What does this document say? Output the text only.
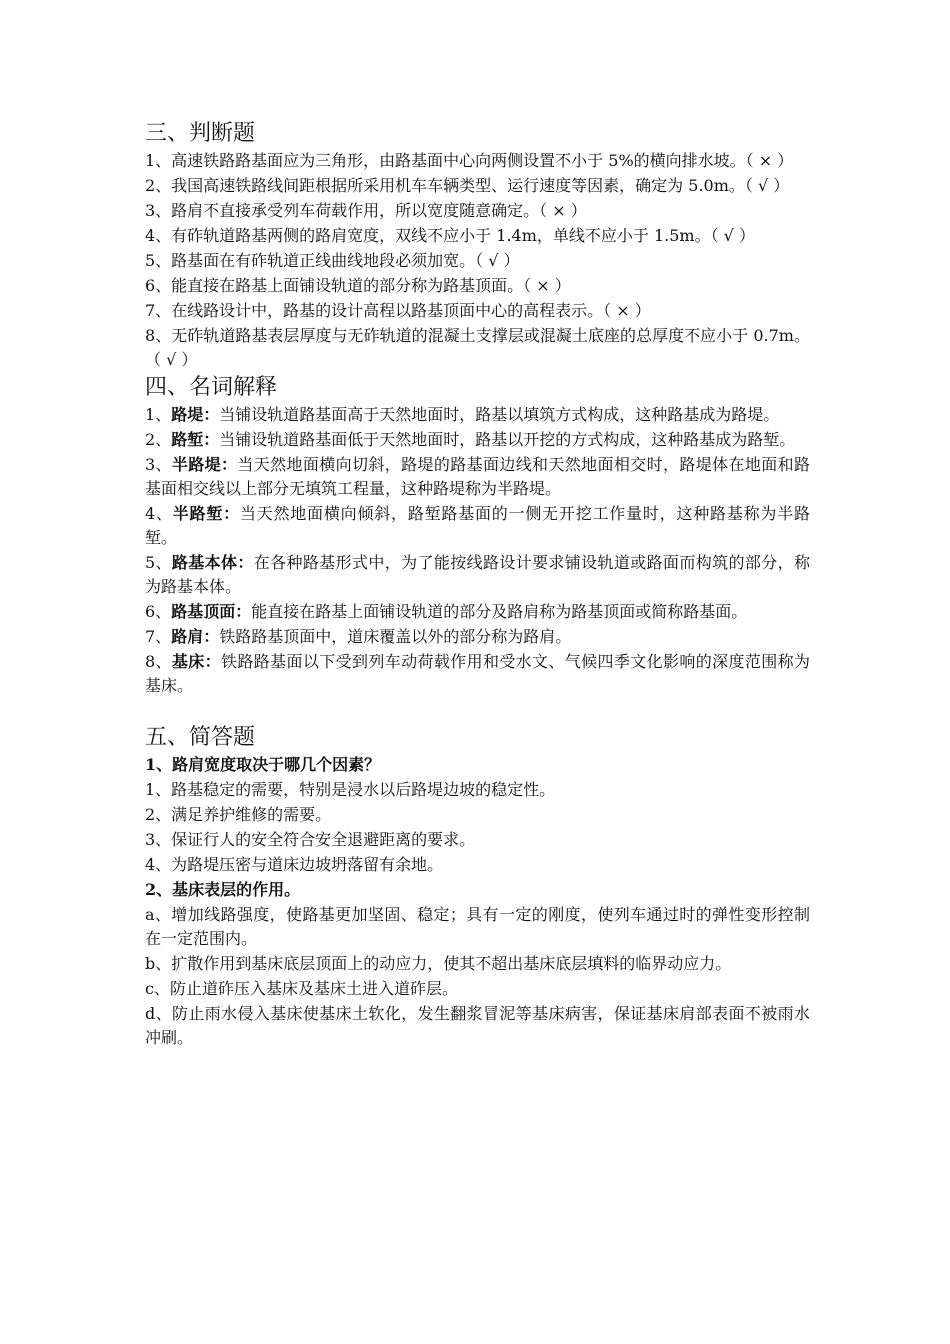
三、判断题

1、高速铁路路基面应为三角形，由路基面中心向两侧设置不小于 5%的横向排水坡。（ × ）

2、我国高速铁路线间距根据所采用机车车辆类型、运行速度等因素，确定为 5.0m。（ √ ）

3、路肩不直接承受列车荷载作用，所以宽度随意确定。（ × ）

4、有砟轨道路基两侧的路肩宽度，双线不应小于 1.4m，单线不应小于 1.5m。（ √ ）

5、路基面在有砟轨道正线曲线地段必须加宽。（ √ ）

6、能直接在路基上面铺设轨道的部分称为路基顶面。（ × ）

7、在线路设计中，路基的设计高程以路基顶面中心的高程表示。（ × ）

8、无砟轨道路基表层厚度与无砟轨道的混凝土支撑层或混凝土底座的总厚度不应小于 0.7m。（ √ ）

四、名词解释

1、路堤：当铺设轨道路基面高于天然地面时，路基以填筑方式构成，这种路基成为路堤。

2、路堑：当铺设轨道路基面低于天然地面时，路基以开挖的方式构成，这种路基成为路堑。

3、半路堤：当天然地面横向切斜，路堤的路基面边线和天然地面相交时，路堤体在地面和路基面相交线以上部分无填筑工程量，这种路堤称为半路堤。

4、半路堑：当天然地面横向倾斜，路堑路基面的一侧无开挖工作量时，这种路基称为半路堑。

5、路基本体：在各种路基形式中，为了能按线路设计要求铺设轨道或路面而构筑的部分，称为路基本体。

6、路基顶面：能直接在路基上面铺设轨道的部分及路肩称为路基顶面或简称路基面。

7、路肩：铁路路基顶面中，道床覆盖以外的部分称为路肩。

8、基床：铁路路基面以下受到列车动荷载作用和受水文、气候四季文化影响的深度范围称为基床。

五、简答题

1、路肩宽度取决于哪几个因素？

1、路基稳定的需要，特别是浸水以后路堤边坡的稳定性。

2、满足养护维修的需要。

3、保证行人的安全符合安全退避距离的要求。

4、为路堤压密与道床边坡坍落留有余地。

2、基床表层的作用。

a、增加线路强度，使路基更加坚固、稳定；具有一定的刚度，使列车通过时的弹性变形控制在一定范围内。

b、扩散作用到基床底层顶面上的动应力，使其不超出基床底层填料的临界动应力。

c、防止道砟压入基床及基床土进入道砟层。

d、防止雨水侵入基床使基床土软化，发生翻浆冒泥等基床病害，保证基床肩部表面不被雨水冲刷。
